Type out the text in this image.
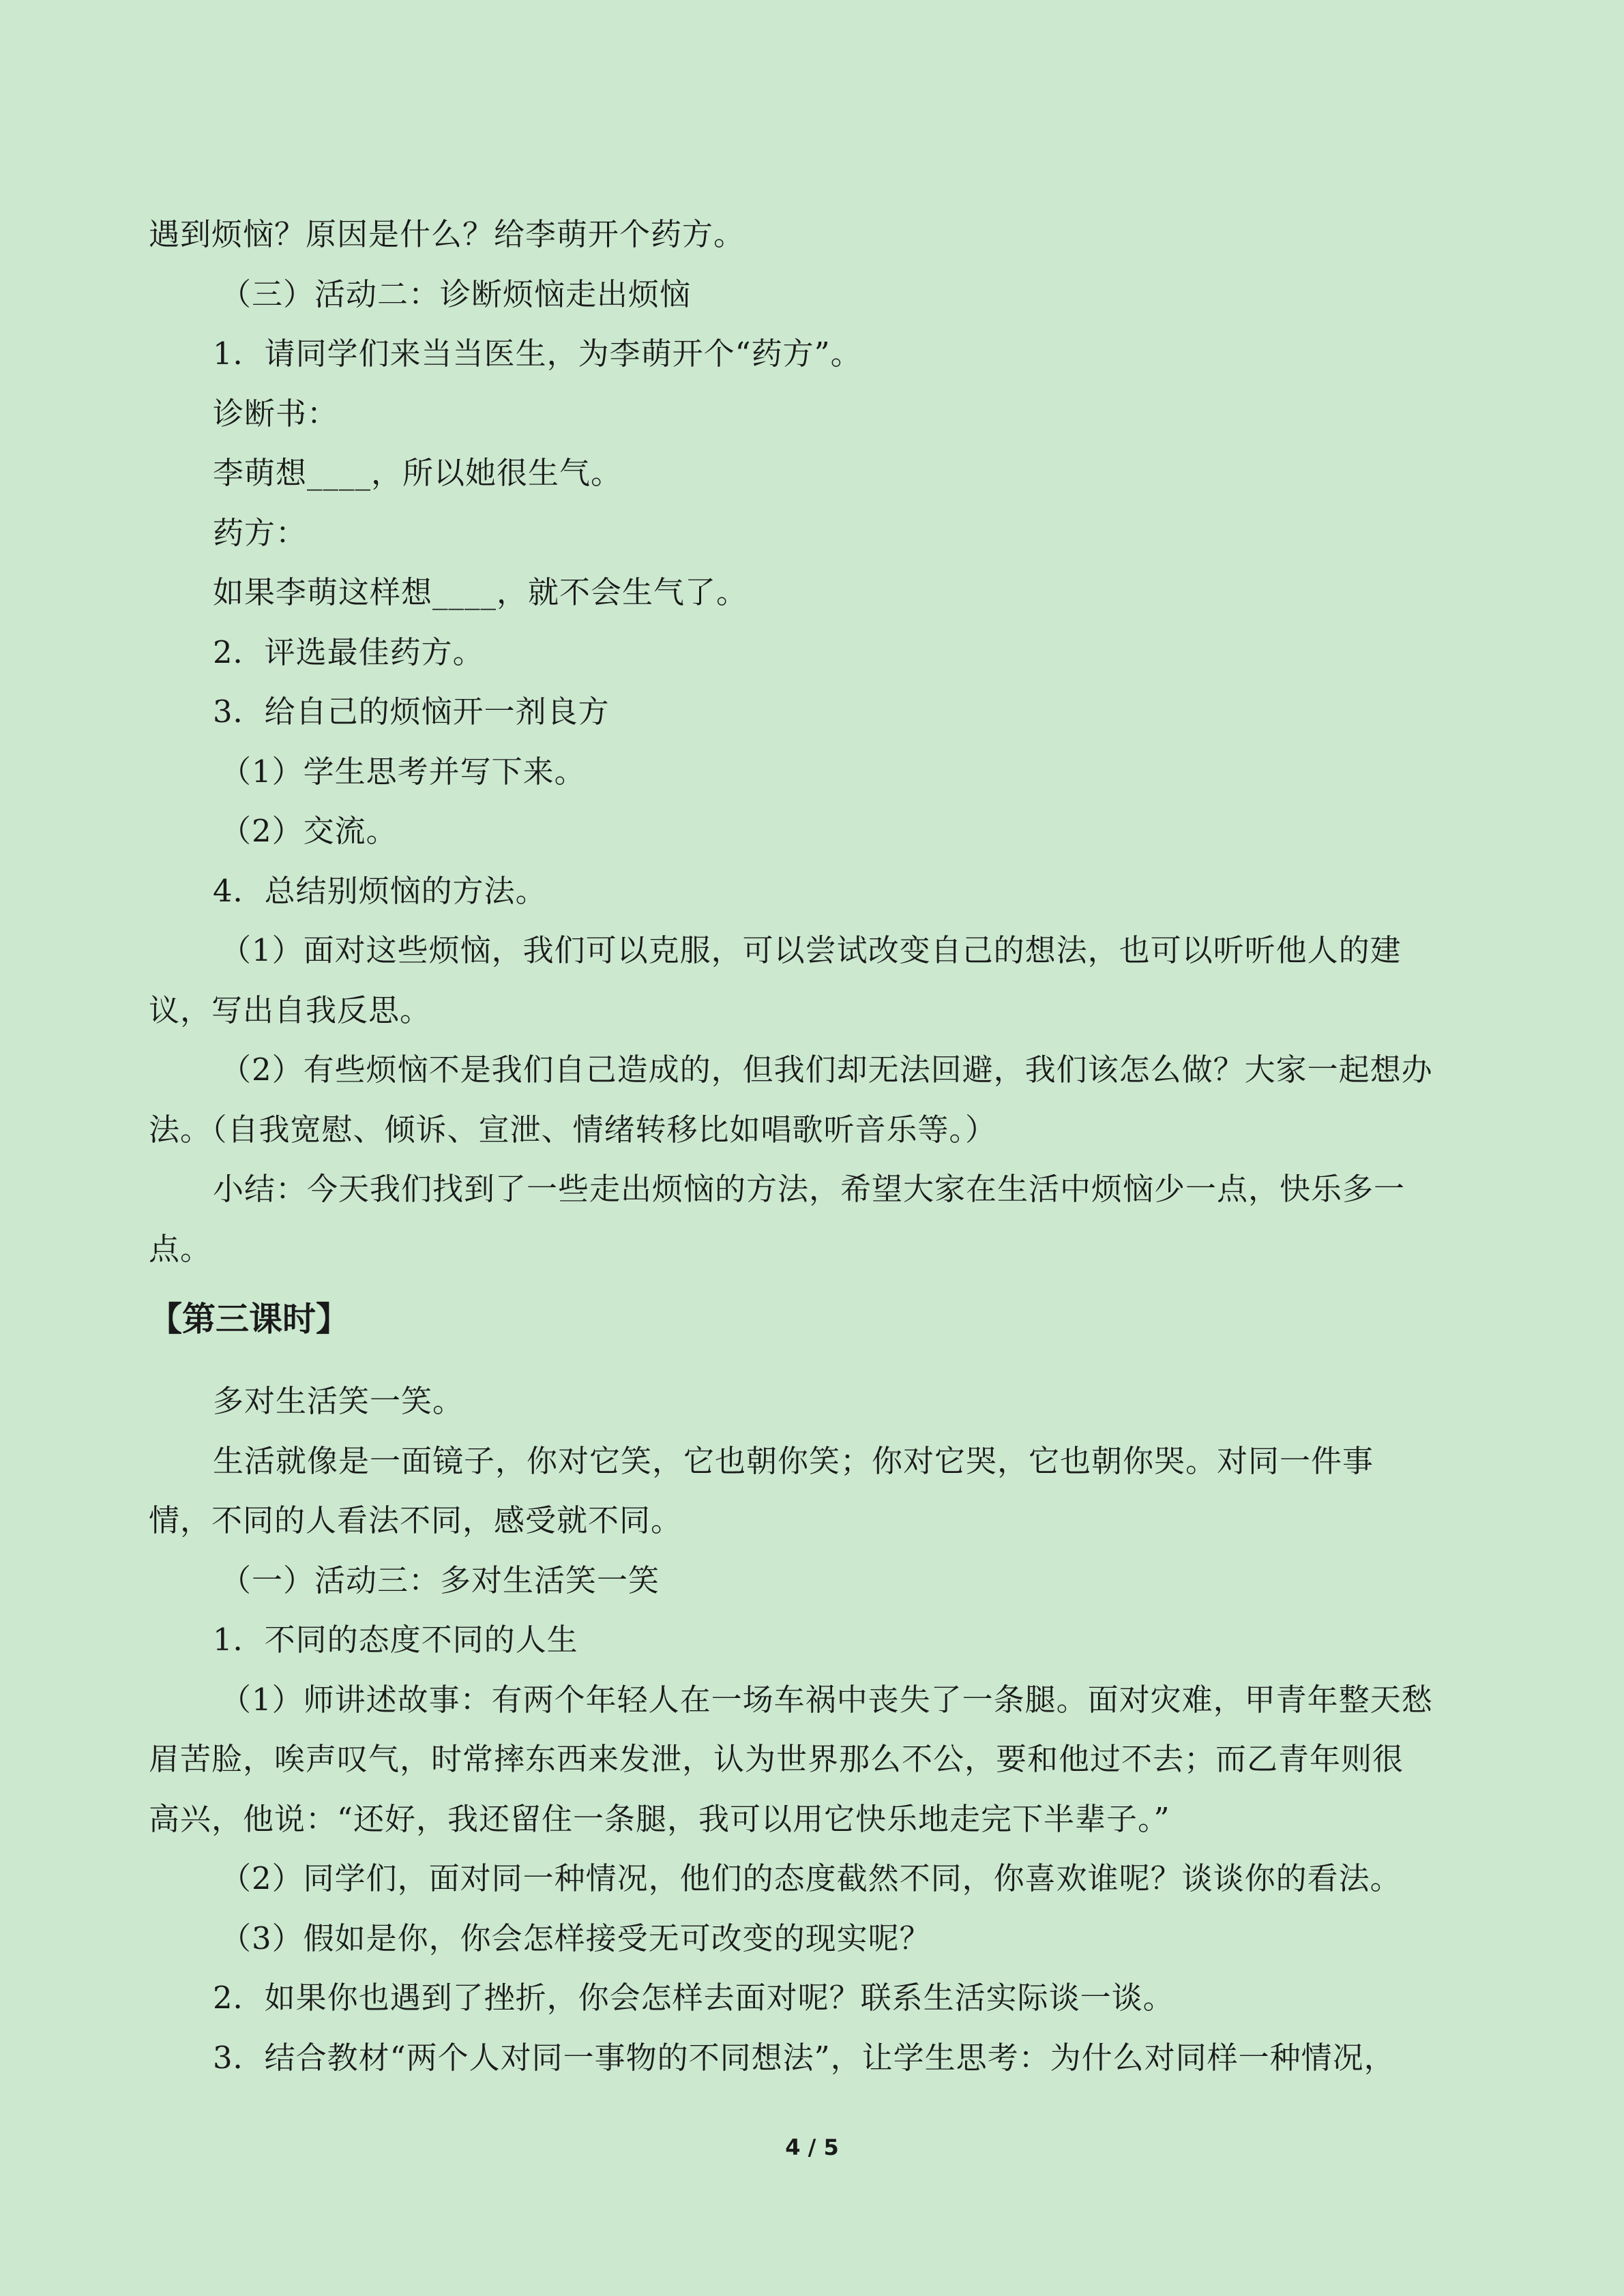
遇到烦恼？原因是什么？给李萌开个药方。
（三）活动二：诊断烦恼走出烦恼
1．请同学们来当当医生，为李萌开个“药方”。
诊断书：
李萌想____，所以她很生气。
药方：
如果李萌这样想____，就不会生气了。
2．评选最佳药方。
3．给自己的烦恼开一剂良方
（1）学生思考并写下来。
（2）交流。
4．总结别烦恼的方法。
（1）面对这些烦恼，我们可以克服，可以尝试改变自己的想法，也可以听听他人的建
议，写出自我反思。
（2）有些烦恼不是我们自己造成的，但我们却无法回避，我们该怎么做？大家一起想办
法。（自我宽慰、倾诉、宣泄、情绪转移比如唱歌听音乐等。）
小结：今天我们找到了一些走出烦恼的方法，希望大家在生活中烦恼少一点，快乐多一
点。
【第三课时】
多对生活笑一笑。
生活就像是一面镜子，你对它笑，它也朝你笑；你对它哭，它也朝你哭。对同一件事
情，不同的人看法不同，感受就不同。
（一）活动三：多对生活笑一笑
1．不同的态度不同的人生
（1）师讲述故事：有两个年轻人在一场车祸中丧失了一条腿。面对灾难，甲青年整天愁
眉苦脸，唉声叹气，时常摔东西来发泄，认为世界那么不公，要和他过不去；而乙青年则很
高兴，他说：“还好，我还留住一条腿，我可以用它快乐地走完下半辈子。”
（2）同学们，面对同一种情况，他们的态度截然不同，你喜欢谁呢？谈谈你的看法。
（3）假如是你，你会怎样接受无可改变的现实呢？
2．如果你也遇到了挫折，你会怎样去面对呢？联系生活实际谈一谈。
3．结合教材“两个人对同一事物的不同想法”，让学生思考：为什么对同样一种情况，
4 / 5
